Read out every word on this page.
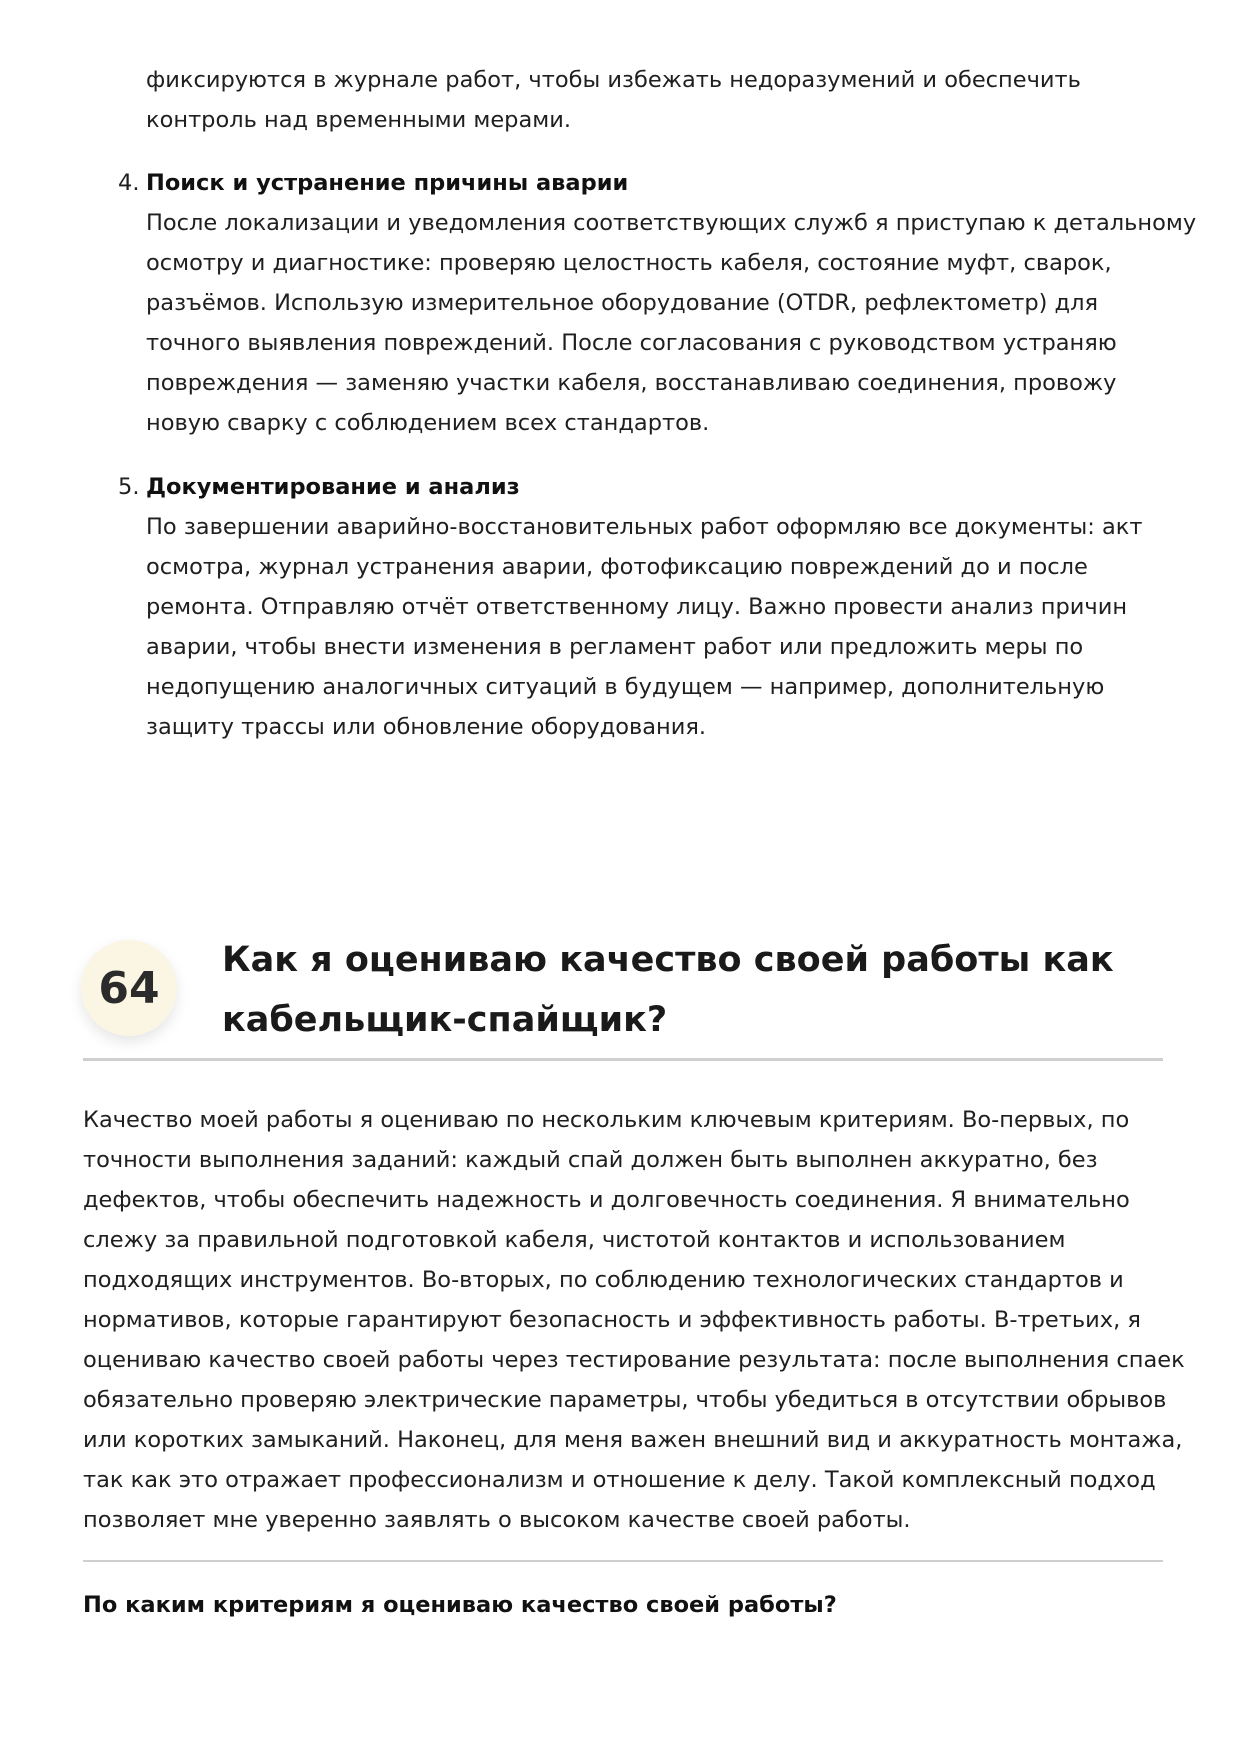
фиксируются в журнале работ, чтобы избежать недоразумений и обеспечить
контроль над временными мерами.
4. Поиск и устранение причины аварии
После локализации и уведомления соответствующих служб я приступаю к детальному
осмотру и диагностике: проверяю целостность кабеля, состояние муфт, сварок,
разъёмов. Использую измерительное оборудование (OTDR, рефлектометр) для
точного выявления повреждений. После согласования с руководством устраняю
повреждения — заменяю участки кабеля, восстанавливаю соединения, провожу
новую сварку с соблюдением всех стандартов.
5. Документирование и анализ
По завершении аварийно-восстановительных работ оформляю все документы: акт
осмотра, журнал устранения аварии, фотофиксацию повреждений до и после
ремонта. Отправляю отчёт ответственному лицу. Важно провести анализ причин
аварии, чтобы внести изменения в регламент работ или предложить меры по
недопущению аналогичных ситуаций в будущем — например, дополнительную
защиту трассы или обновление оборудования.
64
Как я оцениваю качество своей работы как
кабельщик-спайщик?
Качество моей работы я оцениваю по нескольким ключевым критериям. Во-первых, по
точности выполнения заданий: каждый спай должен быть выполнен аккуратно, без
дефектов, чтобы обеспечить надежность и долговечность соединения. Я внимательно
слежу за правильной подготовкой кабеля, чистотой контактов и использованием
подходящих инструментов. Во-вторых, по соблюдению технологических стандартов и
нормативов, которые гарантируют безопасность и эффективность работы. В-третьих, я
оцениваю качество своей работы через тестирование результата: после выполнения спаек
обязательно проверяю электрические параметры, чтобы убедиться в отсутствии обрывов
или коротких замыканий. Наконец, для меня важен внешний вид и аккуратность монтажа,
так как это отражает профессионализм и отношение к делу. Такой комплексный подход
позволяет мне уверенно заявлять о высоком качестве своей работы.
По каким критериям я оцениваю качество своей работы?
